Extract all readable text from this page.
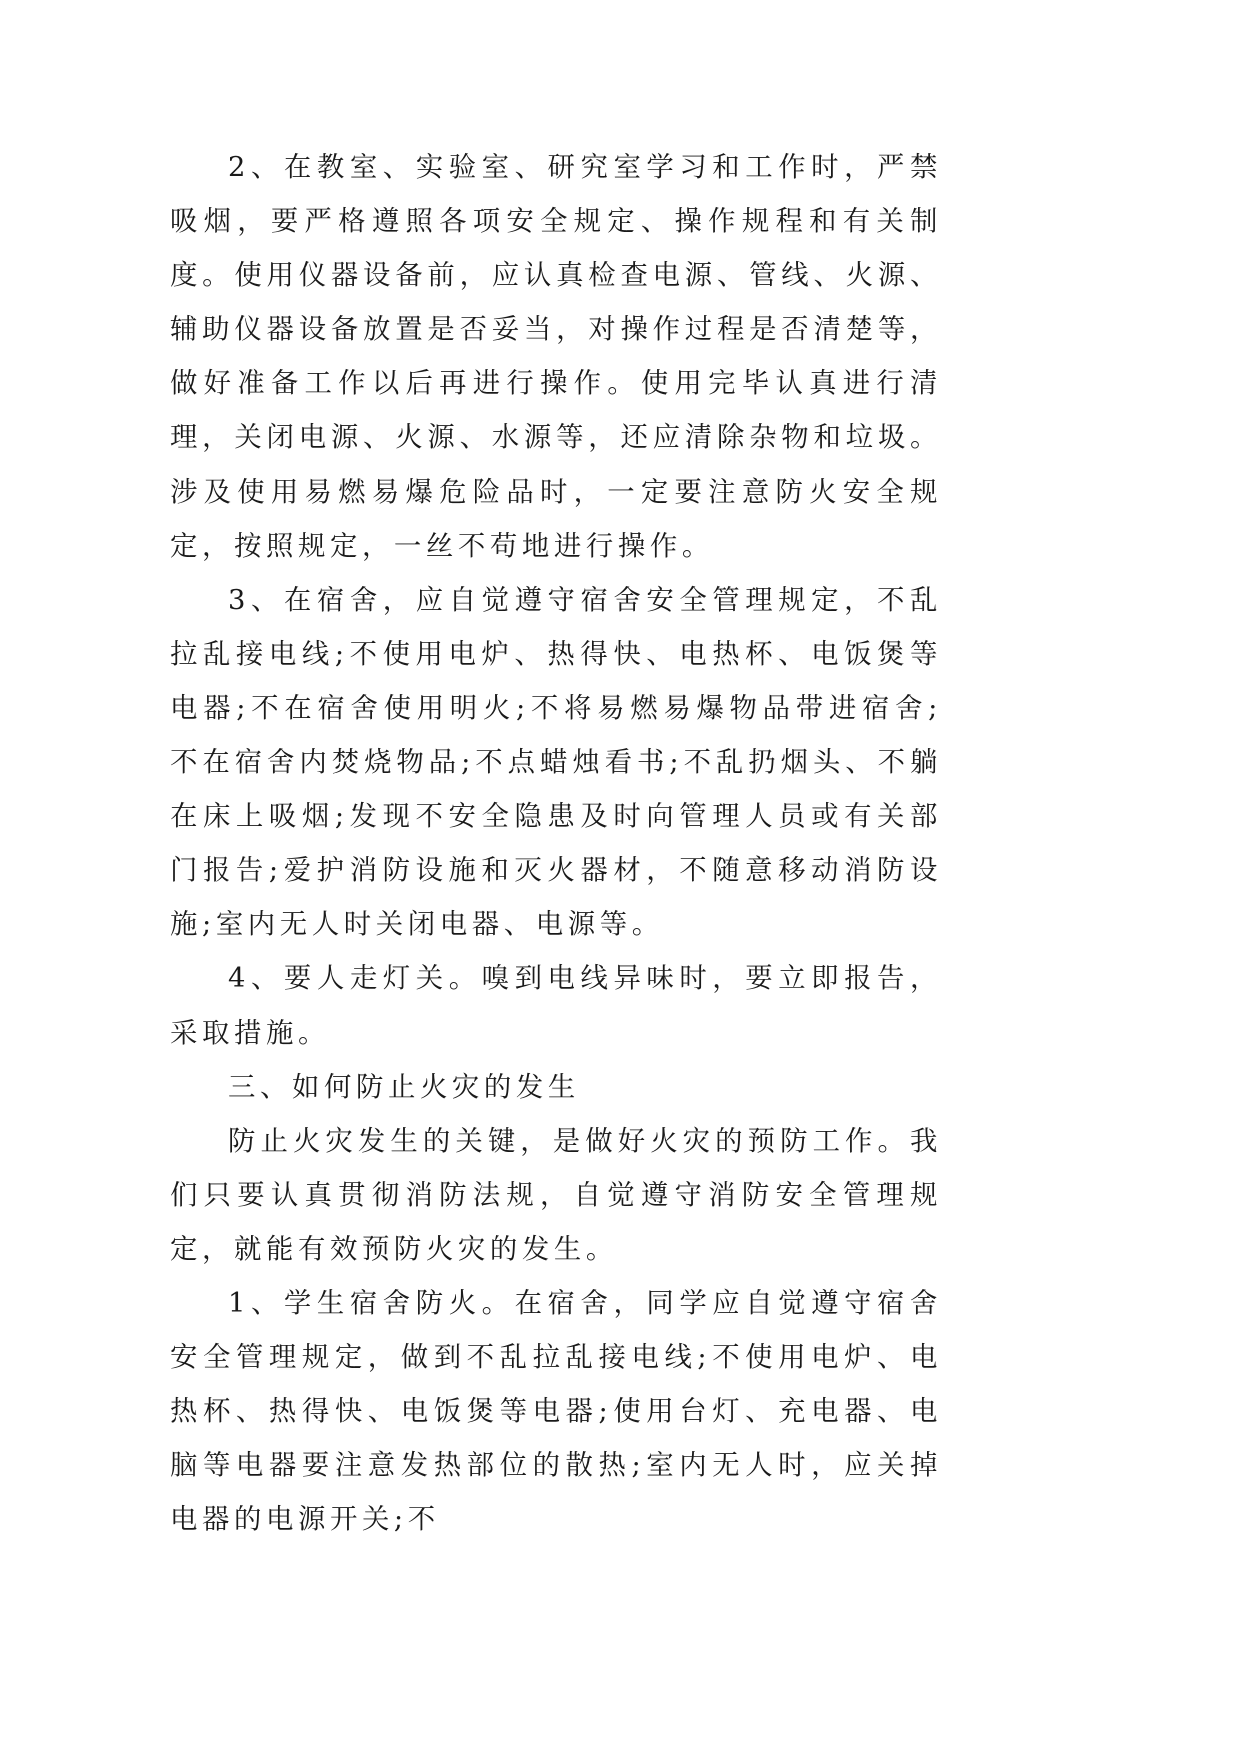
2、在教室、实验室、研究室学习和工作时，严禁吸烟，要严格遵照各项安全规定、操作规程和有关制度。使用仪器设备前，应认真检查电源、管线、火源、辅助仪器设备放置是否妥当，对操作过程是否清楚等，做好准备工作以后再进行操作。使用完毕认真进行清理，关闭电源、火源、水源等，还应清除杂物和垃圾。涉及使用易燃易爆危险品时，一定要注意防火安全规定，按照规定，一丝不苟地进行操作。

3、在宿舍，应自觉遵守宿舍安全管理规定，不乱拉乱接电线;不使用电炉、热得快、电热杯、电饭煲等电器;不在宿舍使用明火;不将易燃易爆物品带进宿舍;不在宿舍内焚烧物品;不点蜡烛看书;不乱扔烟头、不躺在床上吸烟;发现不安全隐患及时向管理人员或有关部门报告;爱护消防设施和灭火器材，不随意移动消防设施;室内无人时关闭电器、电源等。

4、要人走灯关。嗅到电线异味时，要立即报告，采取措施。

三、如何防止火灾的发生

防止火灾发生的关键，是做好火灾的预防工作。我们只要认真贯彻消防法规，自觉遵守消防安全管理规定，就能有效预防火灾的发生。

1、学生宿舍防火。在宿舍，同学应自觉遵守宿舍安全管理规定，做到不乱拉乱接电线;不使用电炉、电热杯、热得快、电饭煲等电器;使用台灯、充电器、电脑等电器要注意发热部位的散热;室内无人时，应关掉电器的电源开关;不
